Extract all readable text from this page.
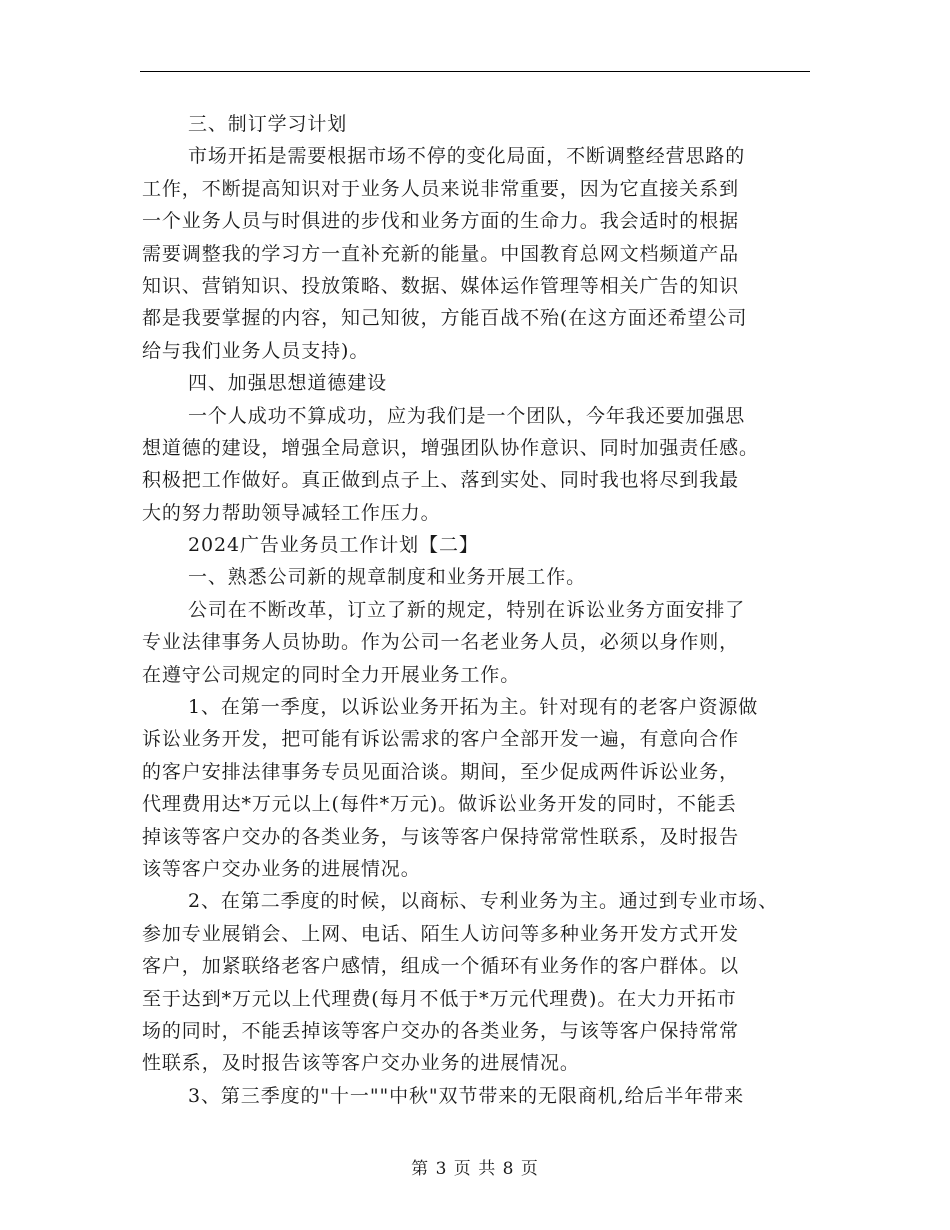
三、制订学习计划
市场开拓是需要根据市场不停的变化局面，不断调整经营思路的
工作，不断提高知识对于业务人员来说非常重要，因为它直接关系到
一个业务人员与时俱进的步伐和业务方面的生命力。我会适时的根据
需要调整我的学习方一直补充新的能量。中国教育总网文档频道产品
知识、营销知识、投放策略、数据、媒体运作管理等相关广告的知识
都是我要掌握的内容，知己知彼，方能百战不殆(在这方面还希望公司
给与我们业务人员支持)。
四、加强思想道德建设
一个人成功不算成功，应为我们是一个团队，今年我还要加强思
想道德的建设，增强全局意识，增强团队协作意识、同时加强责任感。
积极把工作做好。真正做到点子上、落到实处、同时我也将尽到我最
大的努力帮助领导减轻工作压力。
2024广告业务员工作计划【二】
一、熟悉公司新的规章制度和业务开展工作。
公司在不断改革，订立了新的规定，特别在诉讼业务方面安排了
专业法律事务人员协助。作为公司一名老业务人员，必须以身作则，
在遵守公司规定的同时全力开展业务工作。
1、在第一季度，以诉讼业务开拓为主。针对现有的老客户资源做
诉讼业务开发，把可能有诉讼需求的客户全部开发一遍，有意向合作
的客户安排法律事务专员见面洽谈。期间，至少促成两件诉讼业务，
代理费用达*万元以上(每件*万元)。做诉讼业务开发的同时，不能丢
掉该等客户交办的各类业务，与该等客户保持常常性联系，及时报告
该等客户交办业务的进展情况。
2、在第二季度的时候，以商标、专利业务为主。通过到专业市场、
参加专业展销会、上网、电话、陌生人访问等多种业务开发方式开发
客户，加紧联络老客户感情，组成一个循环有业务作的客户群体。以
至于达到*万元以上代理费(每月不低于*万元代理费)。在大力开拓市
场的同时，不能丢掉该等客户交办的各类业务，与该等客户保持常常
性联系，及时报告该等客户交办业务的进展情况。
3、第三季度的"十一""中秋"双节带来的无限商机,给后半年带来
第 3 页 共 8 页
